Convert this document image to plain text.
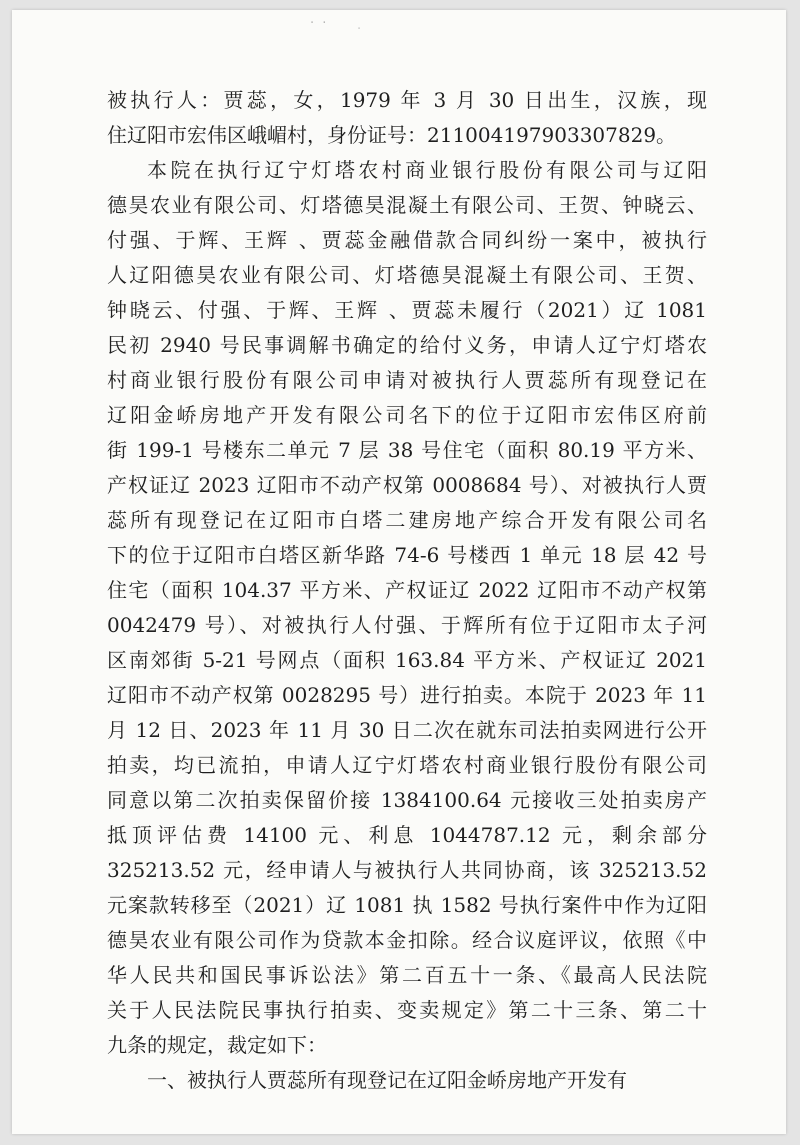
· · ·
被执行人：贾蕊，女，1979 年 3 月 30 日出生，汉族，现
住辽阳市宏伟区峨嵋村，身份证号：211004197903307829。
本院在执行辽宁灯塔农村商业银行股份有限公司与辽阳
德昊农业有限公司、灯塔德昊混凝土有限公司、王贺、钟晓云、
付强、于辉、王辉 、贾蕊金融借款合同纠纷一案中，被执行
人辽阳德昊农业有限公司、灯塔德昊混凝土有限公司、王贺、
钟晓云、付强、于辉、王辉 、贾蕊未履行（2021）辽 1081
民初 2940 号民事调解书确定的给付义务，申请人辽宁灯塔农
村商业银行股份有限公司申请对被执行人贾蕊所有现登记在
辽阳金峤房地产开发有限公司名下的位于辽阳市宏伟区府前
街 199-1 号楼东二单元 7 层 38 号住宅（面积 80.19 平方米、
产权证辽 2023 辽阳市不动产权第 0008684 号）、对被执行人贾
蕊所有现登记在辽阳市白塔二建房地产综合开发有限公司名
下的位于辽阳市白塔区新华路 74-6 号楼西 1 单元 18 层 42 号
住宅（面积 104.37 平方米、产权证辽 2022 辽阳市不动产权第
0042479 号）、对被执行人付强、于辉所有位于辽阳市太子河
区南郊街 5-21 号网点（面积 163.84 平方米、产权证辽 2021
辽阳市不动产权第 0028295 号）进行拍卖。本院于 2023 年 11
月 12 日、2023 年 11 月 30 日二次在就东司法拍卖网进行公开
拍卖，均已流拍，申请人辽宁灯塔农村商业银行股份有限公司
同意以第二次拍卖保留价接 1384100.64 元接收三处拍卖房产
抵顶评估费 14100 元、利息 1044787.12 元，剩余部分
325213.52 元，经申请人与被执行人共同协商，该 325213.52
元案款转移至（2021）辽 1081 执 1582 号执行案件中作为辽阳
德昊农业有限公司作为贷款本金扣除。经合议庭评议，依照《中
华人民共和国民事诉讼法》第二百五十一条、《最高人民法院
关于人民法院民事执行拍卖、变卖规定》第二十三条、第二十
九条的规定，裁定如下：
一、被执行人贾蕊所有现登记在辽阳金峤房地产开发有
